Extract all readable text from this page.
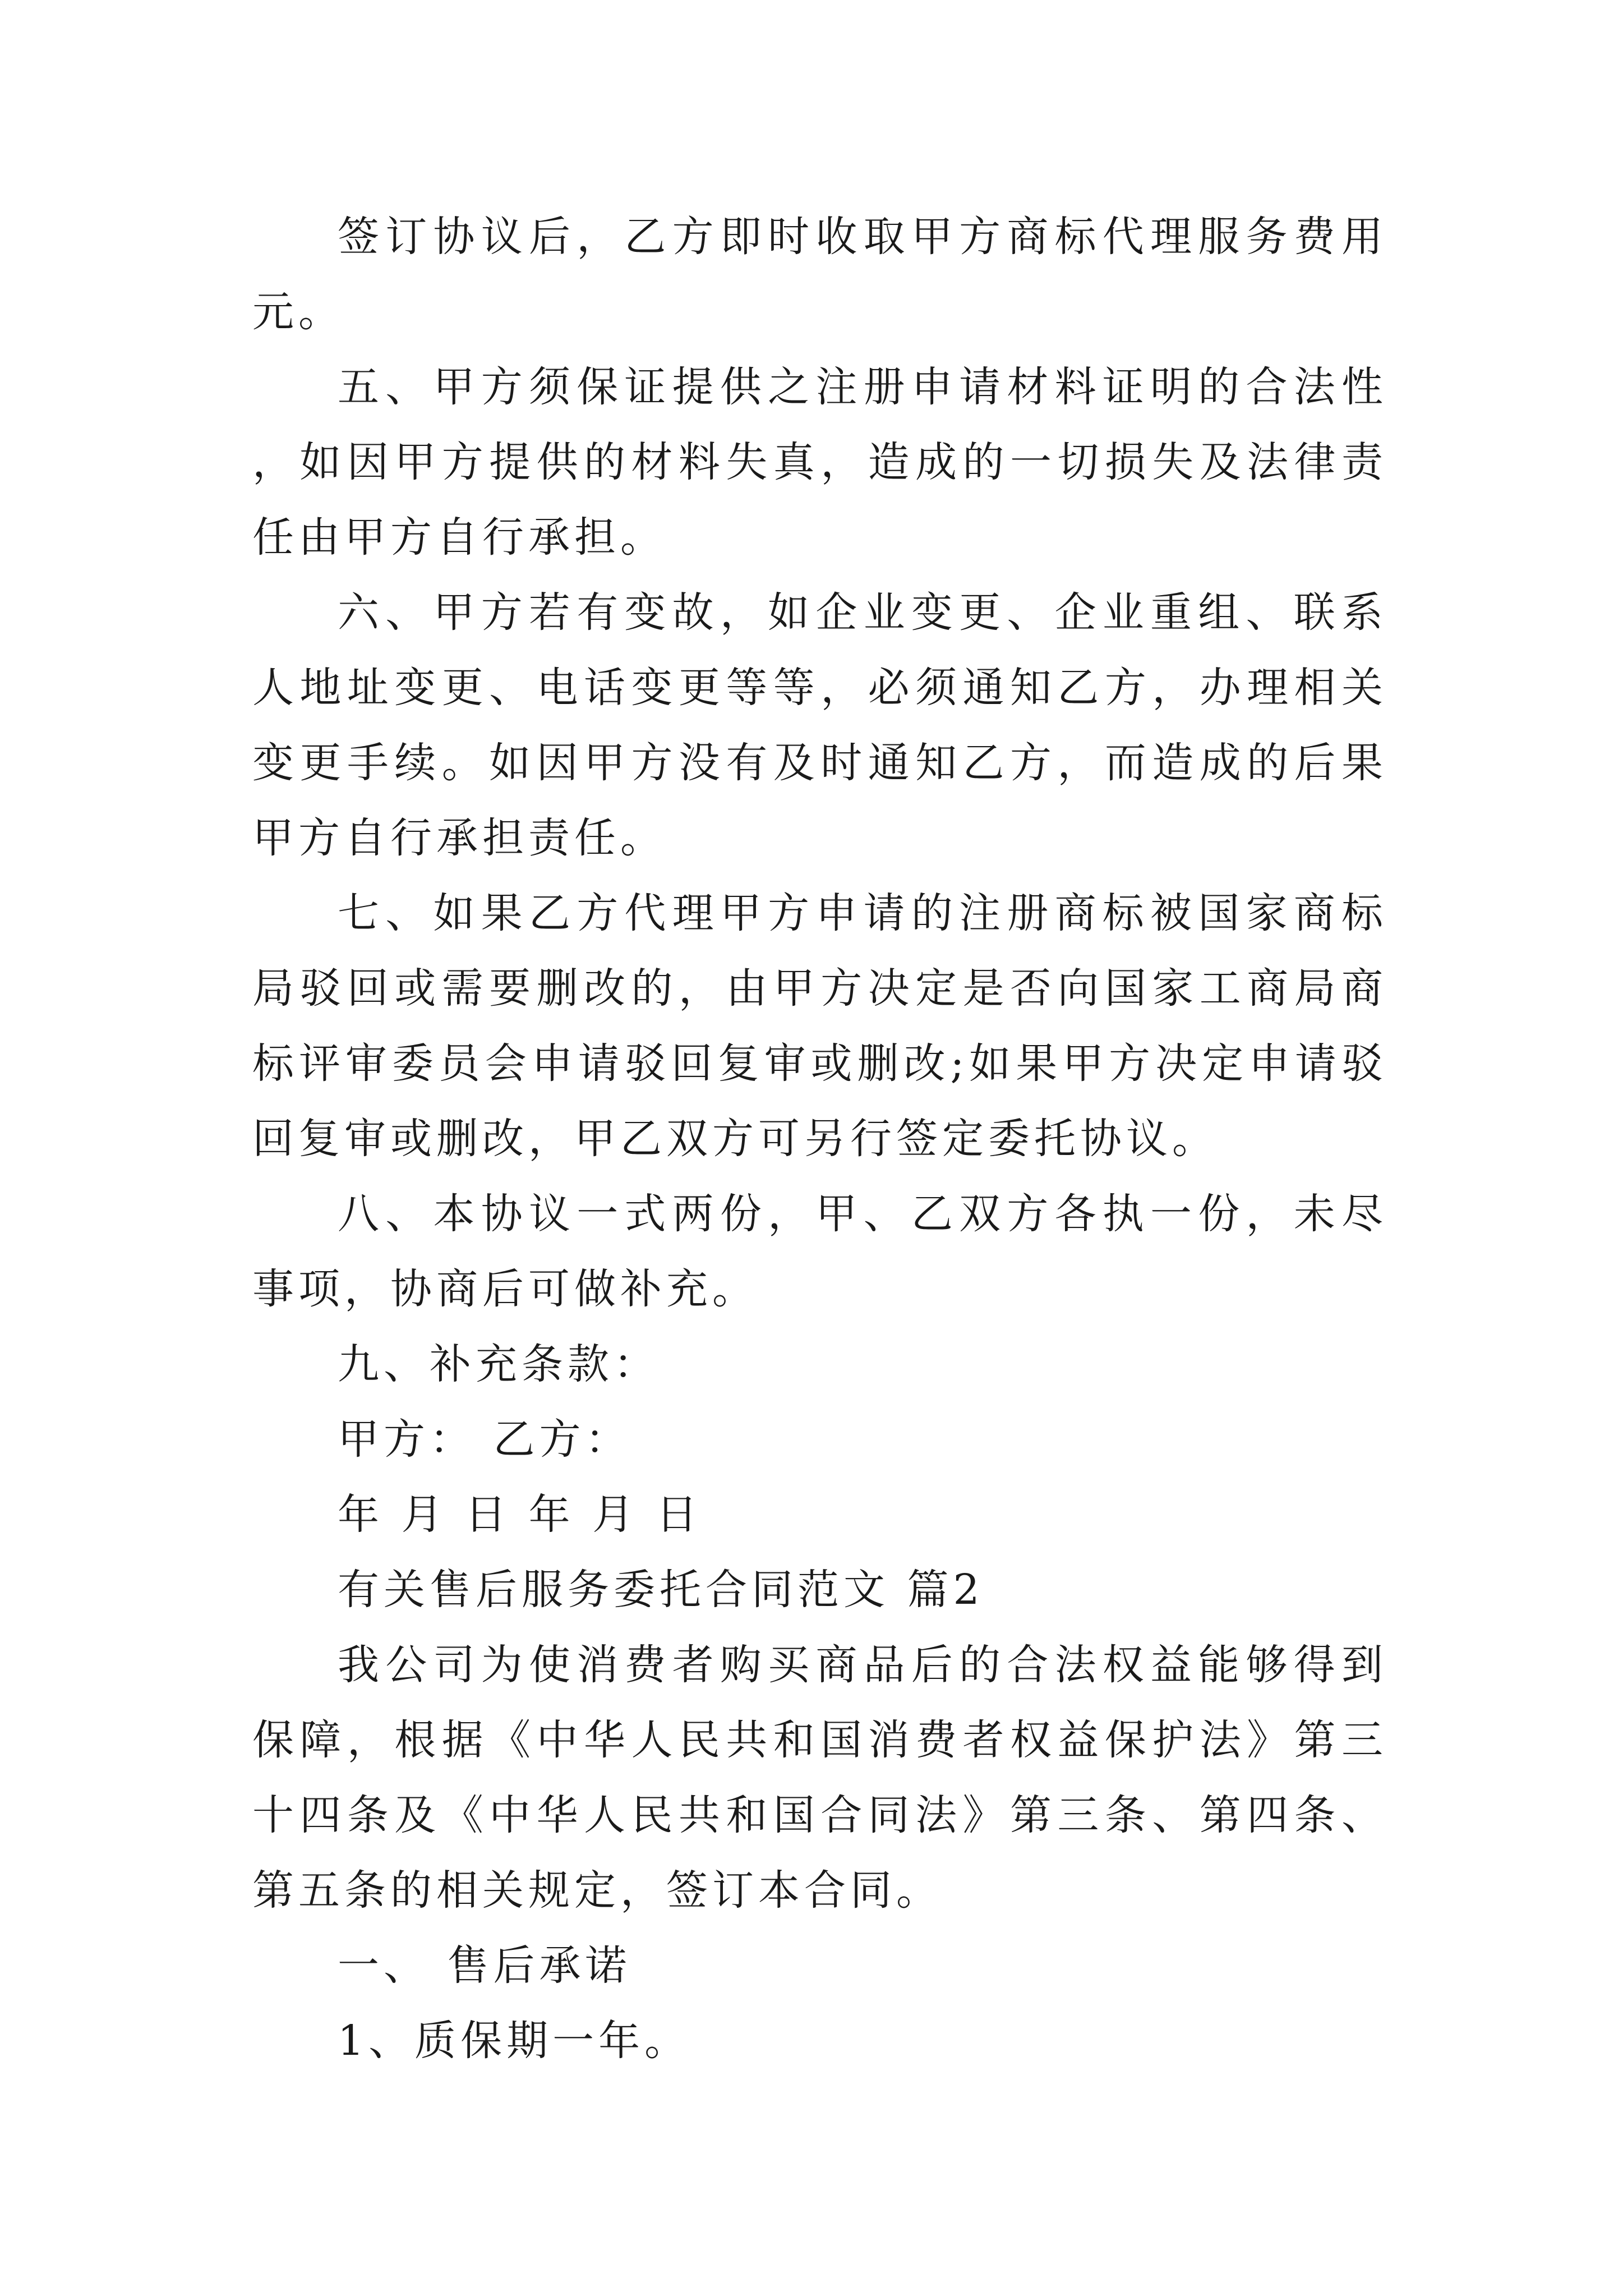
签订协议后，乙方即时收取甲方商标代理服务费用 元。

五、甲方须保证提供之注册申请材料证明的合法性，如因甲方提供的材料失真，造成的一切损失及法律责任由甲方自行承担。

六、甲方若有变故，如企业变更、企业重组、联系人地址变更、电话变更等等，必须通知乙方，办理相关变更手续。如因甲方没有及时通知乙方，而造成的后果甲方自行承担责任。

七、如果乙方代理甲方申请的注册商标被国家商标局驳回或需要删改的，由甲方决定是否向国家工商局商标评审委员会申请驳回复审或删改;如果甲方决定申请驳回复审或删改，甲乙双方可另行签定委托协议。

八、本协议一式两份，甲、乙双方各执一份，未尽事项，协商后可做补充。

九、补充条款：

甲方： 乙方：

年 月 日 年 月 日

有关售后服务委托合同范文 篇2

我公司为使消费者购买商品后的合法权益能够得到保障，根据《中华人民共和国消费者权益保护法》第三十四条及《中华人民共和国合同法》第三条、第四条、第五条的相关规定，签订本合同。

一、 售后承诺

1、质保期一年。
